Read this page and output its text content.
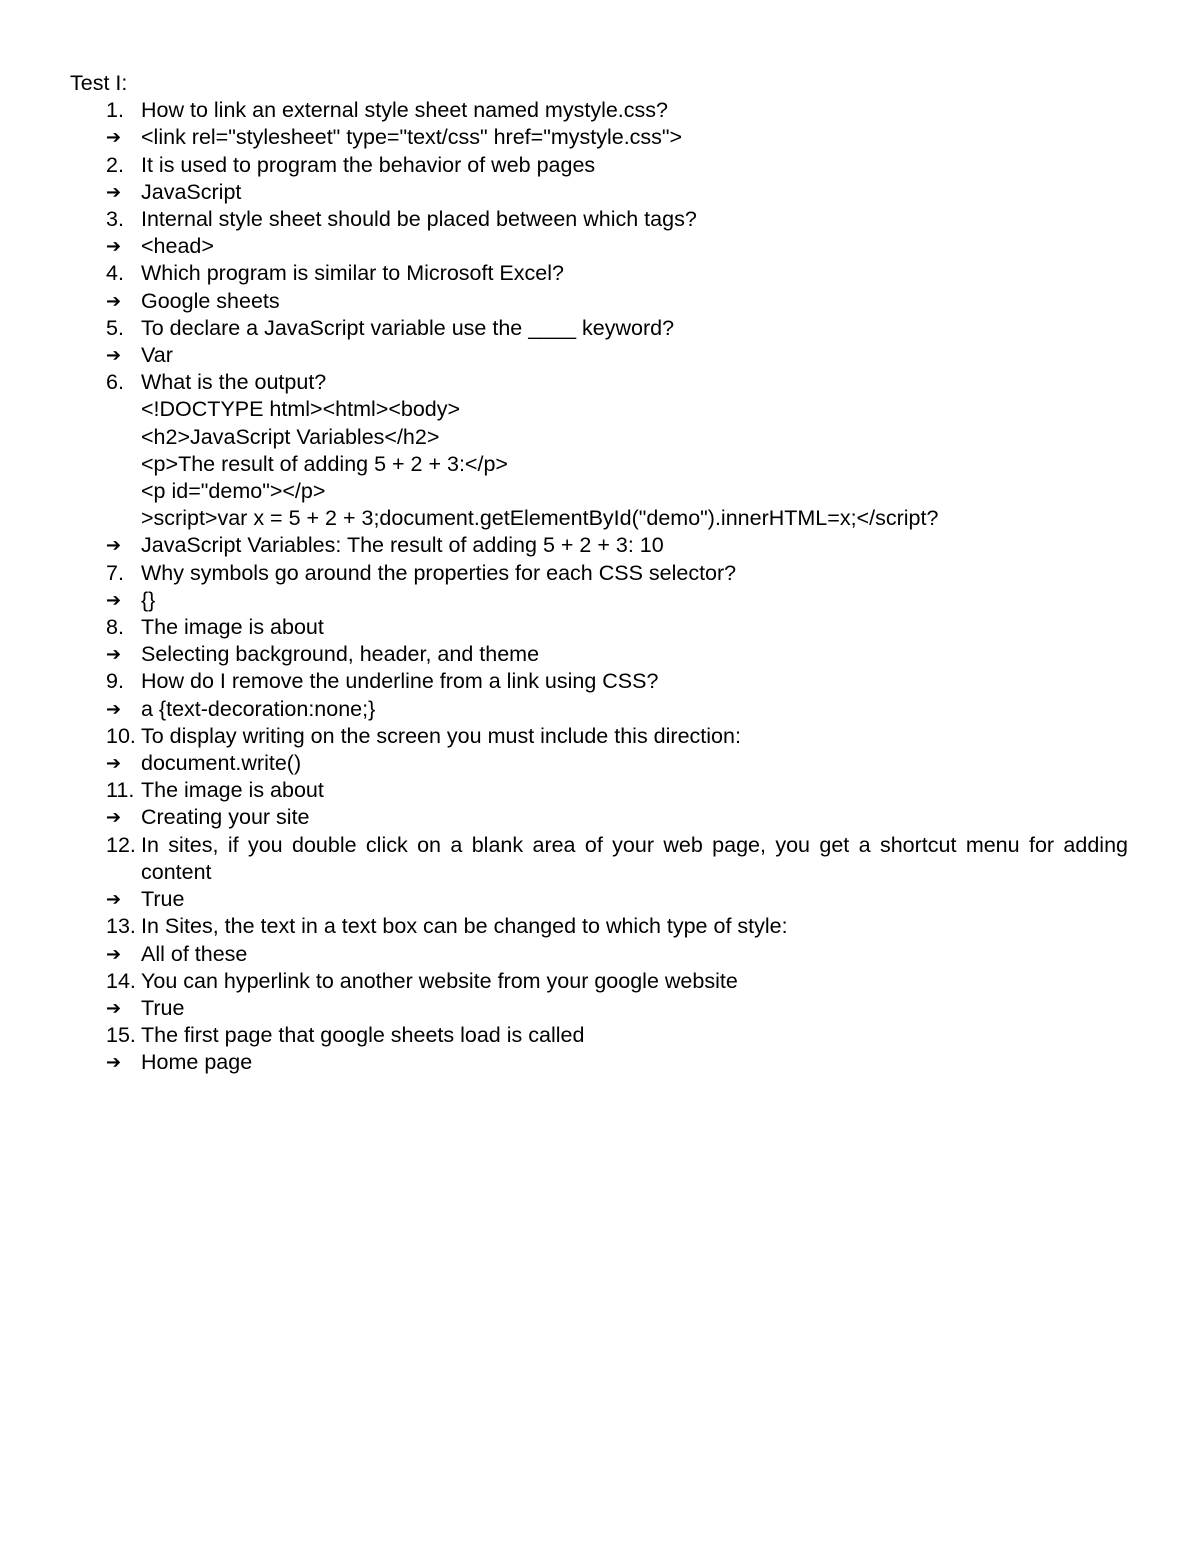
Test I:
1. How to link an external style sheet named mystyle.css?
➔ <link rel="stylesheet" type="text/css" href="mystyle.css">
2. It is used to program the behavior of web pages
➔ JavaScript
3. Internal style sheet should be placed between which tags?
➔ <head>
4. Which program is similar to Microsoft Excel?
➔ Google sheets
5. To declare a JavaScript variable use the ____ keyword?
➔ Var
6. What is the output?
<!DOCTYPE html><html><body>
<h2>JavaScript Variables</h2>
<p>The result of adding 5 + 2 + 3:</p>
<p id="demo"></p>
>script>var x = 5 + 2 + 3;document.getElementById("demo").innerHTML=x;</script?
➔ JavaScript Variables: The result of adding 5 + 2 + 3: 10
7. Why symbols go around the properties for each CSS selector?
➔ {}
8. The image is about
➔ Selecting background, header, and theme
9. How do I remove the underline from a link using CSS?
➔ a {text-decoration:none;}
10. To display writing on the screen you must include this direction:
➔ document.write()
11. The image is about
➔ Creating your site
12. In sites, if you double click on a blank area of your web page, you get a shortcut menu for adding content
➔ True
13. In Sites, the text in a text box can be changed to which type of style:
➔ All of these
14. You can hyperlink to another website from your google website
➔ True
15. The first page that google sheets load is called
➔ Home page
